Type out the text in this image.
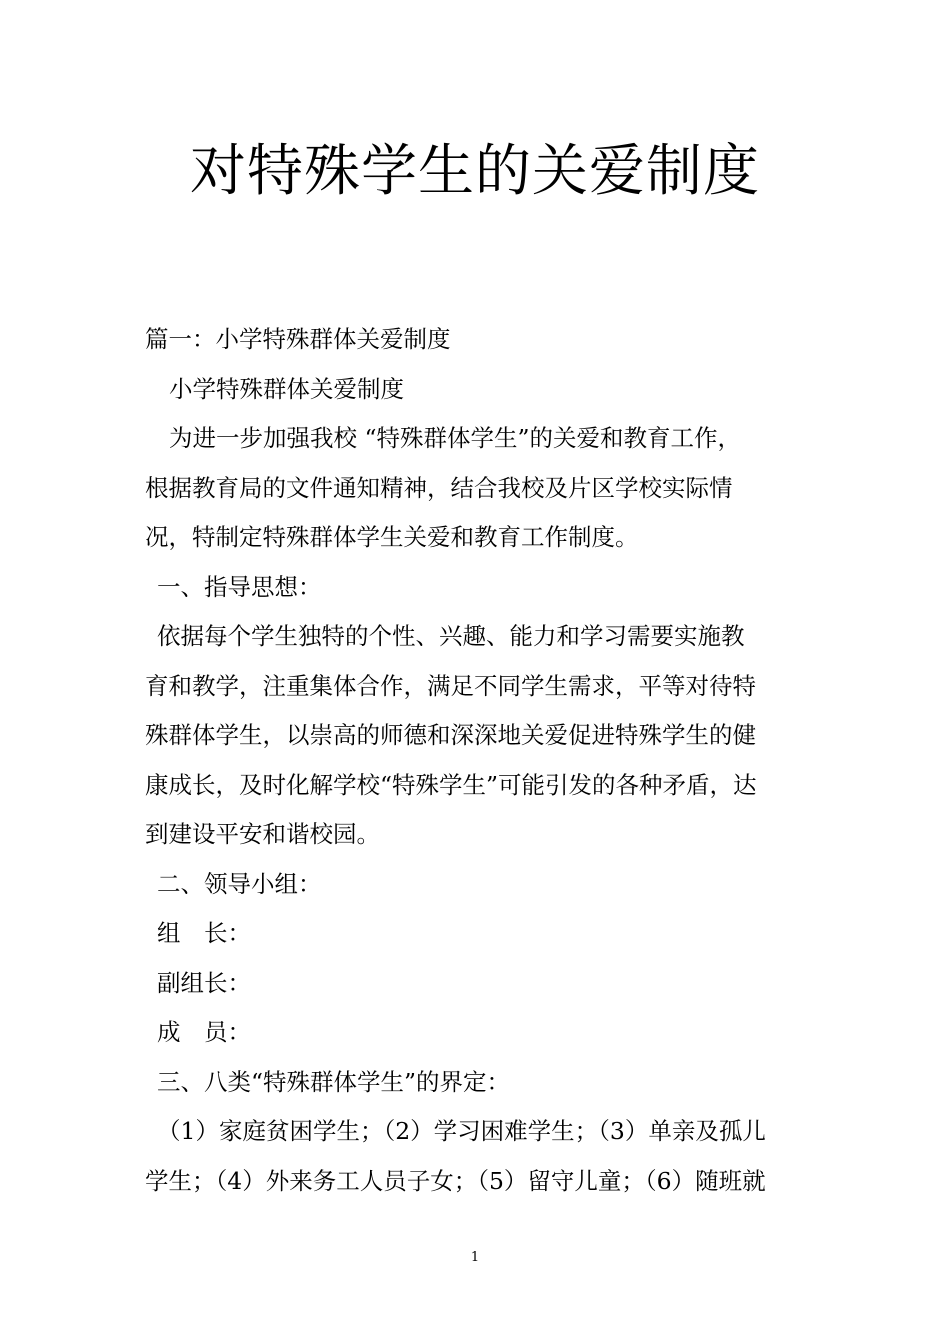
对特殊学生的关爱制度
篇一：小学特殊群体关爱制度
小学特殊群体关爱制度
为进一步加强我校 “特殊群体学生”的关爱和教育工作，
根据教育局的文件通知精神，结合我校及片区学校实际情
况，特制定特殊群体学生关爱和教育工作制度。
一、指导思想：
依据每个学生独特的个性、兴趣、能力和学习需要实施教
育和教学，注重集体合作，满足不同学生需求，平等对待特
殊群体学生，以崇高的师德和深深地关爱促进特殊学生的健
康成长，及时化解学校“特殊学生”可能引发的各种矛盾，达
到建设平安和谐校园。
二、领导小组：
组　长：
副组长：
成　员：
三、八类“特殊群体学生”的界定：
（1）家庭贫困学生；（2）学习困难学生；（3）单亲及孤儿
学生；（4）外来务工人员子女；（5）留守儿童；（6）随班就
1
